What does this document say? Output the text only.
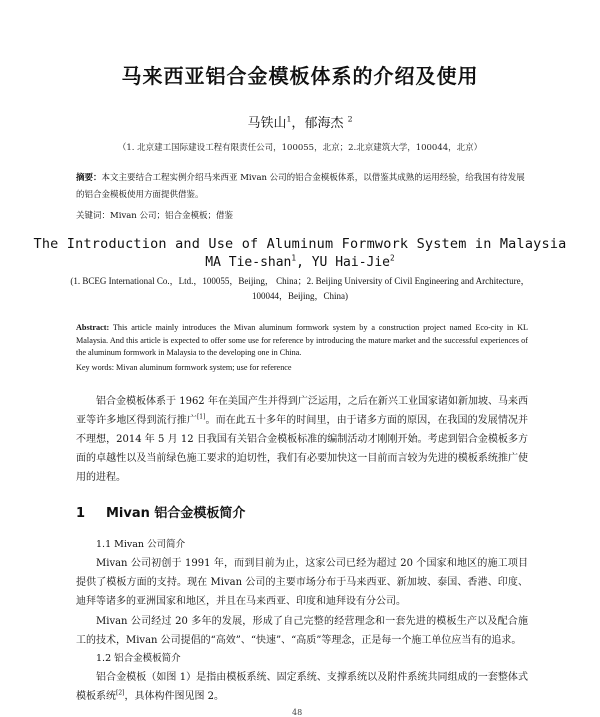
马来西亚铝合金模板体系的介绍及使用
马铁山$^1$，郁海杰 $^2$
（1. 北京建工国际建设工程有限责任公司，100055，北京；2.北京建筑大学，100044，北京）
摘要：本文主要结合工程实例介绍马来西亚 Mivan 公司的铝合金模板体系，以借鉴其成熟的运用经验，给我国有待发展的铝合金模板使用方面提供借鉴。
关键词：Mivan 公司；铝合金模板；借鉴
The Introduction and Use of Aluminum Formwork System in Malaysia
MA Tie-shan$^1$, YU Hai-Jie$^2$
(1. BCEG International Co.，Ltd.，100055，Beijing， China；2. Beijing University of Civil Engineering and Architecture，100044，Beijing，China)
Abstract: This article mainly introduces the Mivan aluminum formwork system by a construction project named Eco-city in KL Malaysia. And this article is expected to offer some use for reference by introducing the mature market and the successful experiences of the aluminum formwork in Malaysia to the developing one in China.
Key words: Mivan aluminum formwork system; use for reference
铝合金模板体系于 1962 年在美国产生并得到广泛运用，之后在新兴工业国家诸如新加坡、马来西亚等许多地区得到流行推广[1]。而在此五十多年的时间里，由于诸多方面的原因，在我国的发展情况并不理想，2014 年 5 月 12 日我国有关铝合金模板标准的编制活动才刚刚开始。考虑到铝合金模板多方面的卓越性以及当前绿色施工要求的迫切性，我们有必要加快这一目前而言较为先进的模板系统推广使用的进程。
1 Mivan 铝合金模板简介
1.1 Mivan 公司简介
Mivan 公司初创于 1991 年，而到目前为止，这家公司已经为超过 20 个国家和地区的施工项目提供了模板方面的支持。现在 Mivan 公司的主要市场分布于马来西亚、新加坡、泰国、香港、印度、迪拜等诸多的亚洲国家和地区，并且在马来西亚、印度和迪拜设有分公司。
Mivan 公司经过 20 多年的发展，形成了自己完整的经营理念和一套先进的模板生产以及配合施工的技术，Mivan 公司提倡的“高效”、“快速”、“高质”等理念，正是每一个施工单位应当有的追求。
1.2 铝合金模板简介
铝合金模板（如图 1）是指由模板系统、固定系统、支撑系统以及附件系统共同组成的一套整体式模板系统[2]，具体构件图见图 2。
48
